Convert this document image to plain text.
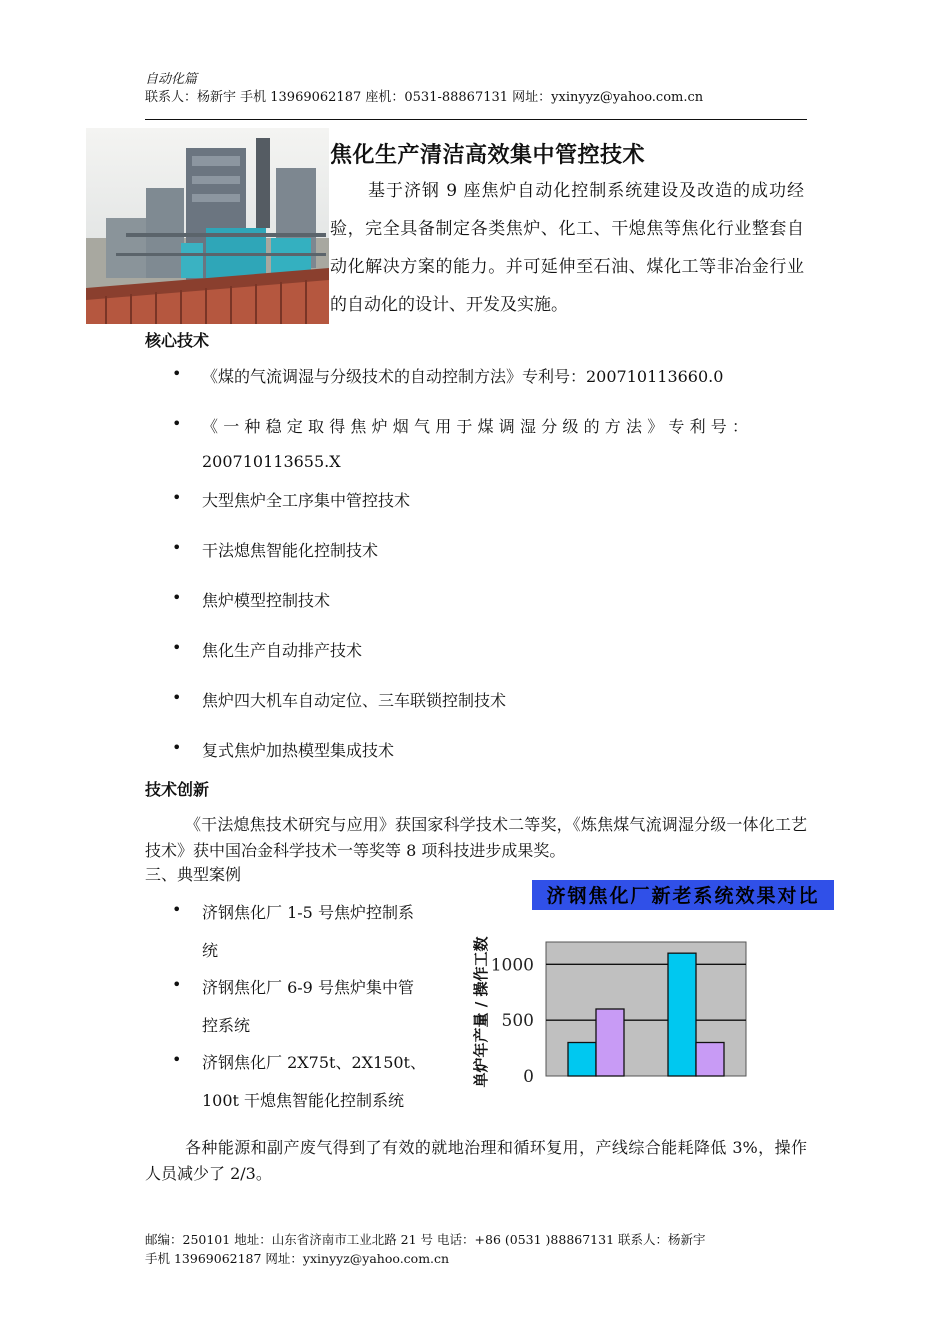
自动化篇
联系人：杨新宇 手机 13969062187 座机：0531-88867131 网址：yxinyyz@yahoo.com.cn
焦化生产清洁高效集中管控技术
基于济钢 9 座焦炉自动化控制系统建设及改造的成功经验，完全具备制定各类焦炉、化工、干熄焦等焦化行业整套自动化解决方案的能力。并可延伸至石油、煤化工等非冶金行业的自动化的设计、开发及实施。
核心技术
• 《煤的气流调湿与分级技术的自动控制方法》专利号：200710113660.0
• 《一种稳定取得焦炉烟气用于煤调湿分级的方法》专利号：
200710113655.X
• 大型焦炉全工序集中管控技术
• 干法熄焦智能化控制技术
• 焦炉模型控制技术
• 焦化生产自动排产技术
• 焦炉四大机车自动定位、三车联锁控制技术
• 复式焦炉加热模型集成技术
技术创新
《干法熄焦技术研究与应用》获国家科学技术二等奖，《炼焦煤气流调湿分级一体化工艺技术》获中国冶金科学技术一等奖等 8 项科技进步成果奖。
三、典型案例
• 济钢焦化厂 1-5 号焦炉控制系
统
• 济钢焦化厂 6-9 号焦炉集中管
控系统
• 济钢焦化厂 2X75t、2X150t、
100t 干熄焦智能化控制系统
济钢焦化厂新老系统效果对比
单炉年产量 / 操作工数 0
500
1000
各种能源和副产废气得到了有效的就地治理和循环复用，产线综合能耗降低 3%，操作人员减少了 2/3。
邮编：250101 地址：山东省济南市工业北路 21 号 电话：+86 (0531 )88867131 联系人：杨新宇
手机 13969062187 网址：yxinyyz@yahoo.com.cn
